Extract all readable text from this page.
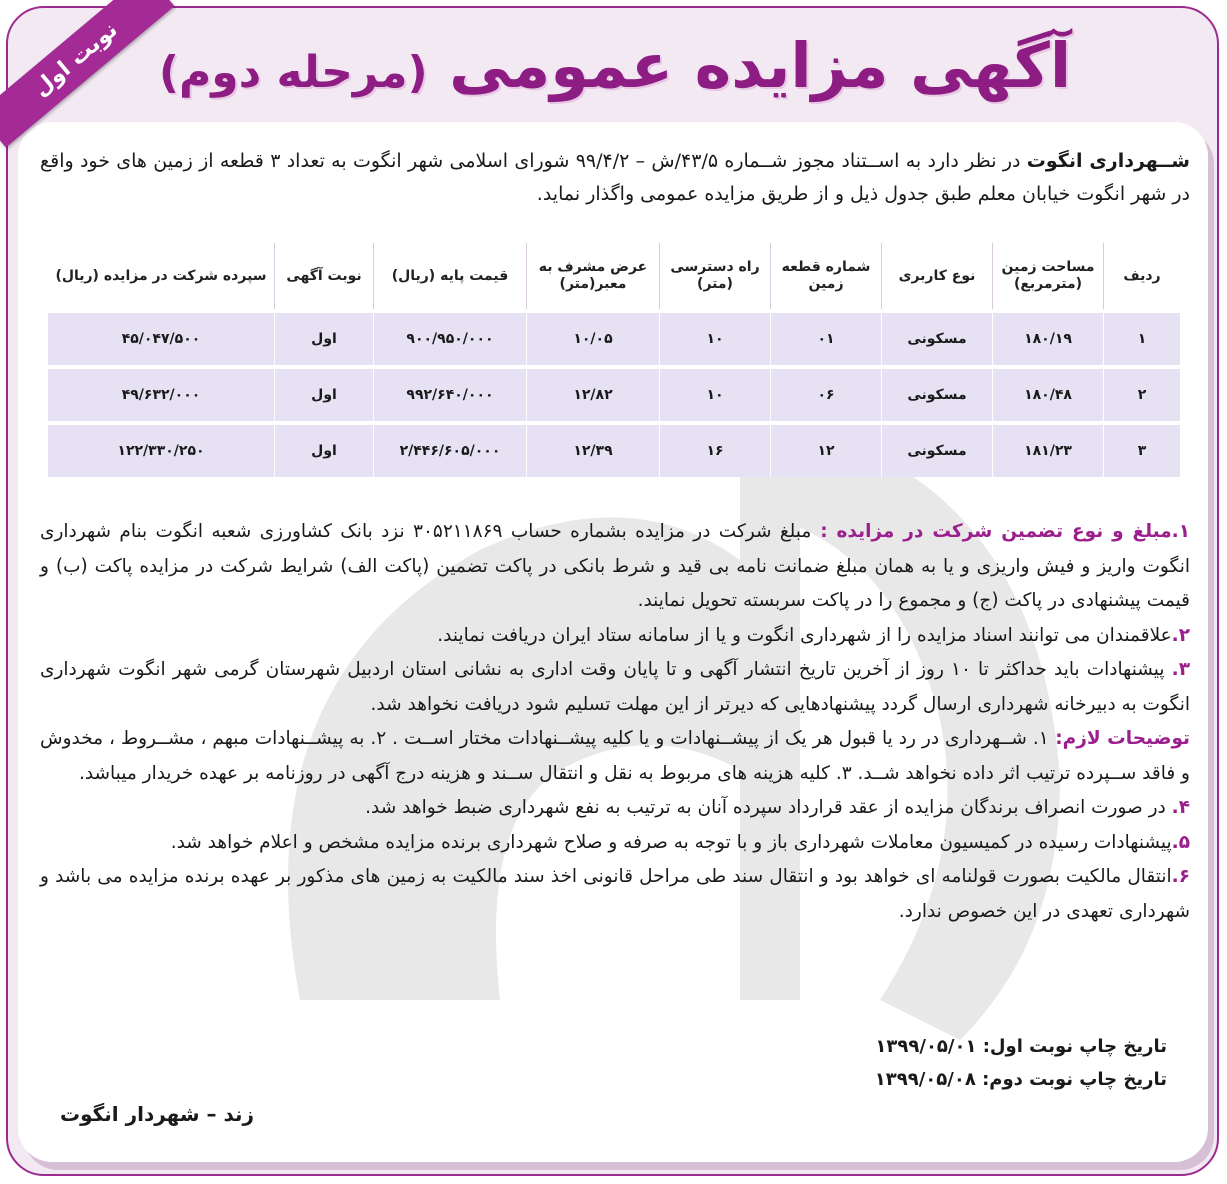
نوبت اول	آگهی مزایده عمومی (مرحله دوم)
شــهرداری انگوت در نظر دارد به اســتناد مجوز شــماره ۴۳/۵/ش – ۹۹/۴/۲ شورای اسلامی شهر انگوت به تعداد ۳ قطعه از زمین های خود واقع در شهر انگوت خیابان معلم طبق جدول ذیل و از طریق مزایده عمومی واگذار نماید.
ردیف	مساحت زمین (مترمربع)	نوع کاربری	شماره قطعه زمین	راه دسترسی (متر)	عرض مشرف به معبر(متر)	قیمت پایه (ریال)	نوبت آگهی	سپرده شرکت در مزایده (ریال)
۱	۱۸۰/۱۹	مسکونی	۰۱	۱۰	۱۰/۰۵	۹۰۰/۹۵۰/۰۰۰	اول	۴۵/۰۴۷/۵۰۰
۲	۱۸۰/۴۸	مسکونی	۰۶	۱۰	۱۲/۸۲	۹۹۲/۶۴۰/۰۰۰	اول	۴۹/۶۳۲/۰۰۰
۳	۱۸۱/۲۳	مسکونی	۱۲	۱۶	۱۲/۳۹	۲/۴۴۶/۶۰۵/۰۰۰	اول	۱۲۲/۳۳۰/۲۵۰

۱.مبلغ و نوع تضمین شرکت در مزایده : مبلغ شرکت در مزایده بشماره حساب ۳۰۵۲۱۱۸۶۹ نزد بانک کشاورزی شعبه انگوت بنام شهرداری انگوت واریز و فیش واریزی و یا به همان مبلغ ضمانت نامه بی قید و شرط بانکی در پاکت تضمین (پاکت الف) شرایط شرکت در مزایده پاکت (ب) و قیمت پیشنهادی در پاکت (ج) و مجموع را در پاکت سربسته تحویل نمایند.

۲.علاقمندان می توانند اسناد مزایده را از شهرداری انگوت و یا از سامانه ستاد ایران دریافت نمایند.

۳. پیشنهادات باید حداکثر تا ۱۰ روز از آخرین تاریخ انتشار آگهی و تا پایان وقت اداری به نشانی استان اردبیل شهرستان گرمی شهر انگوت شهرداری انگوت به دبیرخانه شهرداری ارسال گردد پیشنهادهایی که دیرتر از این مهلت تسلیم شود دریافت نخواهد شد.

توضیحات لازم: ۱. شــهرداری در رد یا قبول هر یک از پیشــنهادات و یا کلیه پیشــنهادات مختار اســت . ۲. به پیشــنهادات مبهم ، مشــروط ، مخدوش و فاقد ســپرده ترتیب اثر داده نخواهد شــد. ۳. کلیه هزینه های مربوط به نقل و انتقال ســند و هزینه درج آگهی در روزنامه بر عهده خریدار میباشد.

۴. در صورت انصراف برندگان مزایده از عقد قرارداد سپرده آنان به ترتیب به نفع شهرداری ضبط خواهد شد.

۵.پیشنهادات رسیده در کمیسیون معاملات شهرداری باز و با توجه به صرفه و صلاح شهرداری برنده مزایده مشخص و اعلام خواهد شد.

۶.انتقال مالکیت بصورت قولنامه ای خواهد بود و انتقال سند طی مراحل قانونی اخذ سند مالکیت به زمین های مذکور بر عهده برنده مزایده می باشد و شهرداری تعهدی در این خصوص ندارد.

تاریخ چاپ نوبت اول: ۱۳۹۹/۰۵/۰۱
تاریخ چاپ نوبت دوم: ۱۳۹۹/۰۵/۰۸
زند – شهردار انگوت
